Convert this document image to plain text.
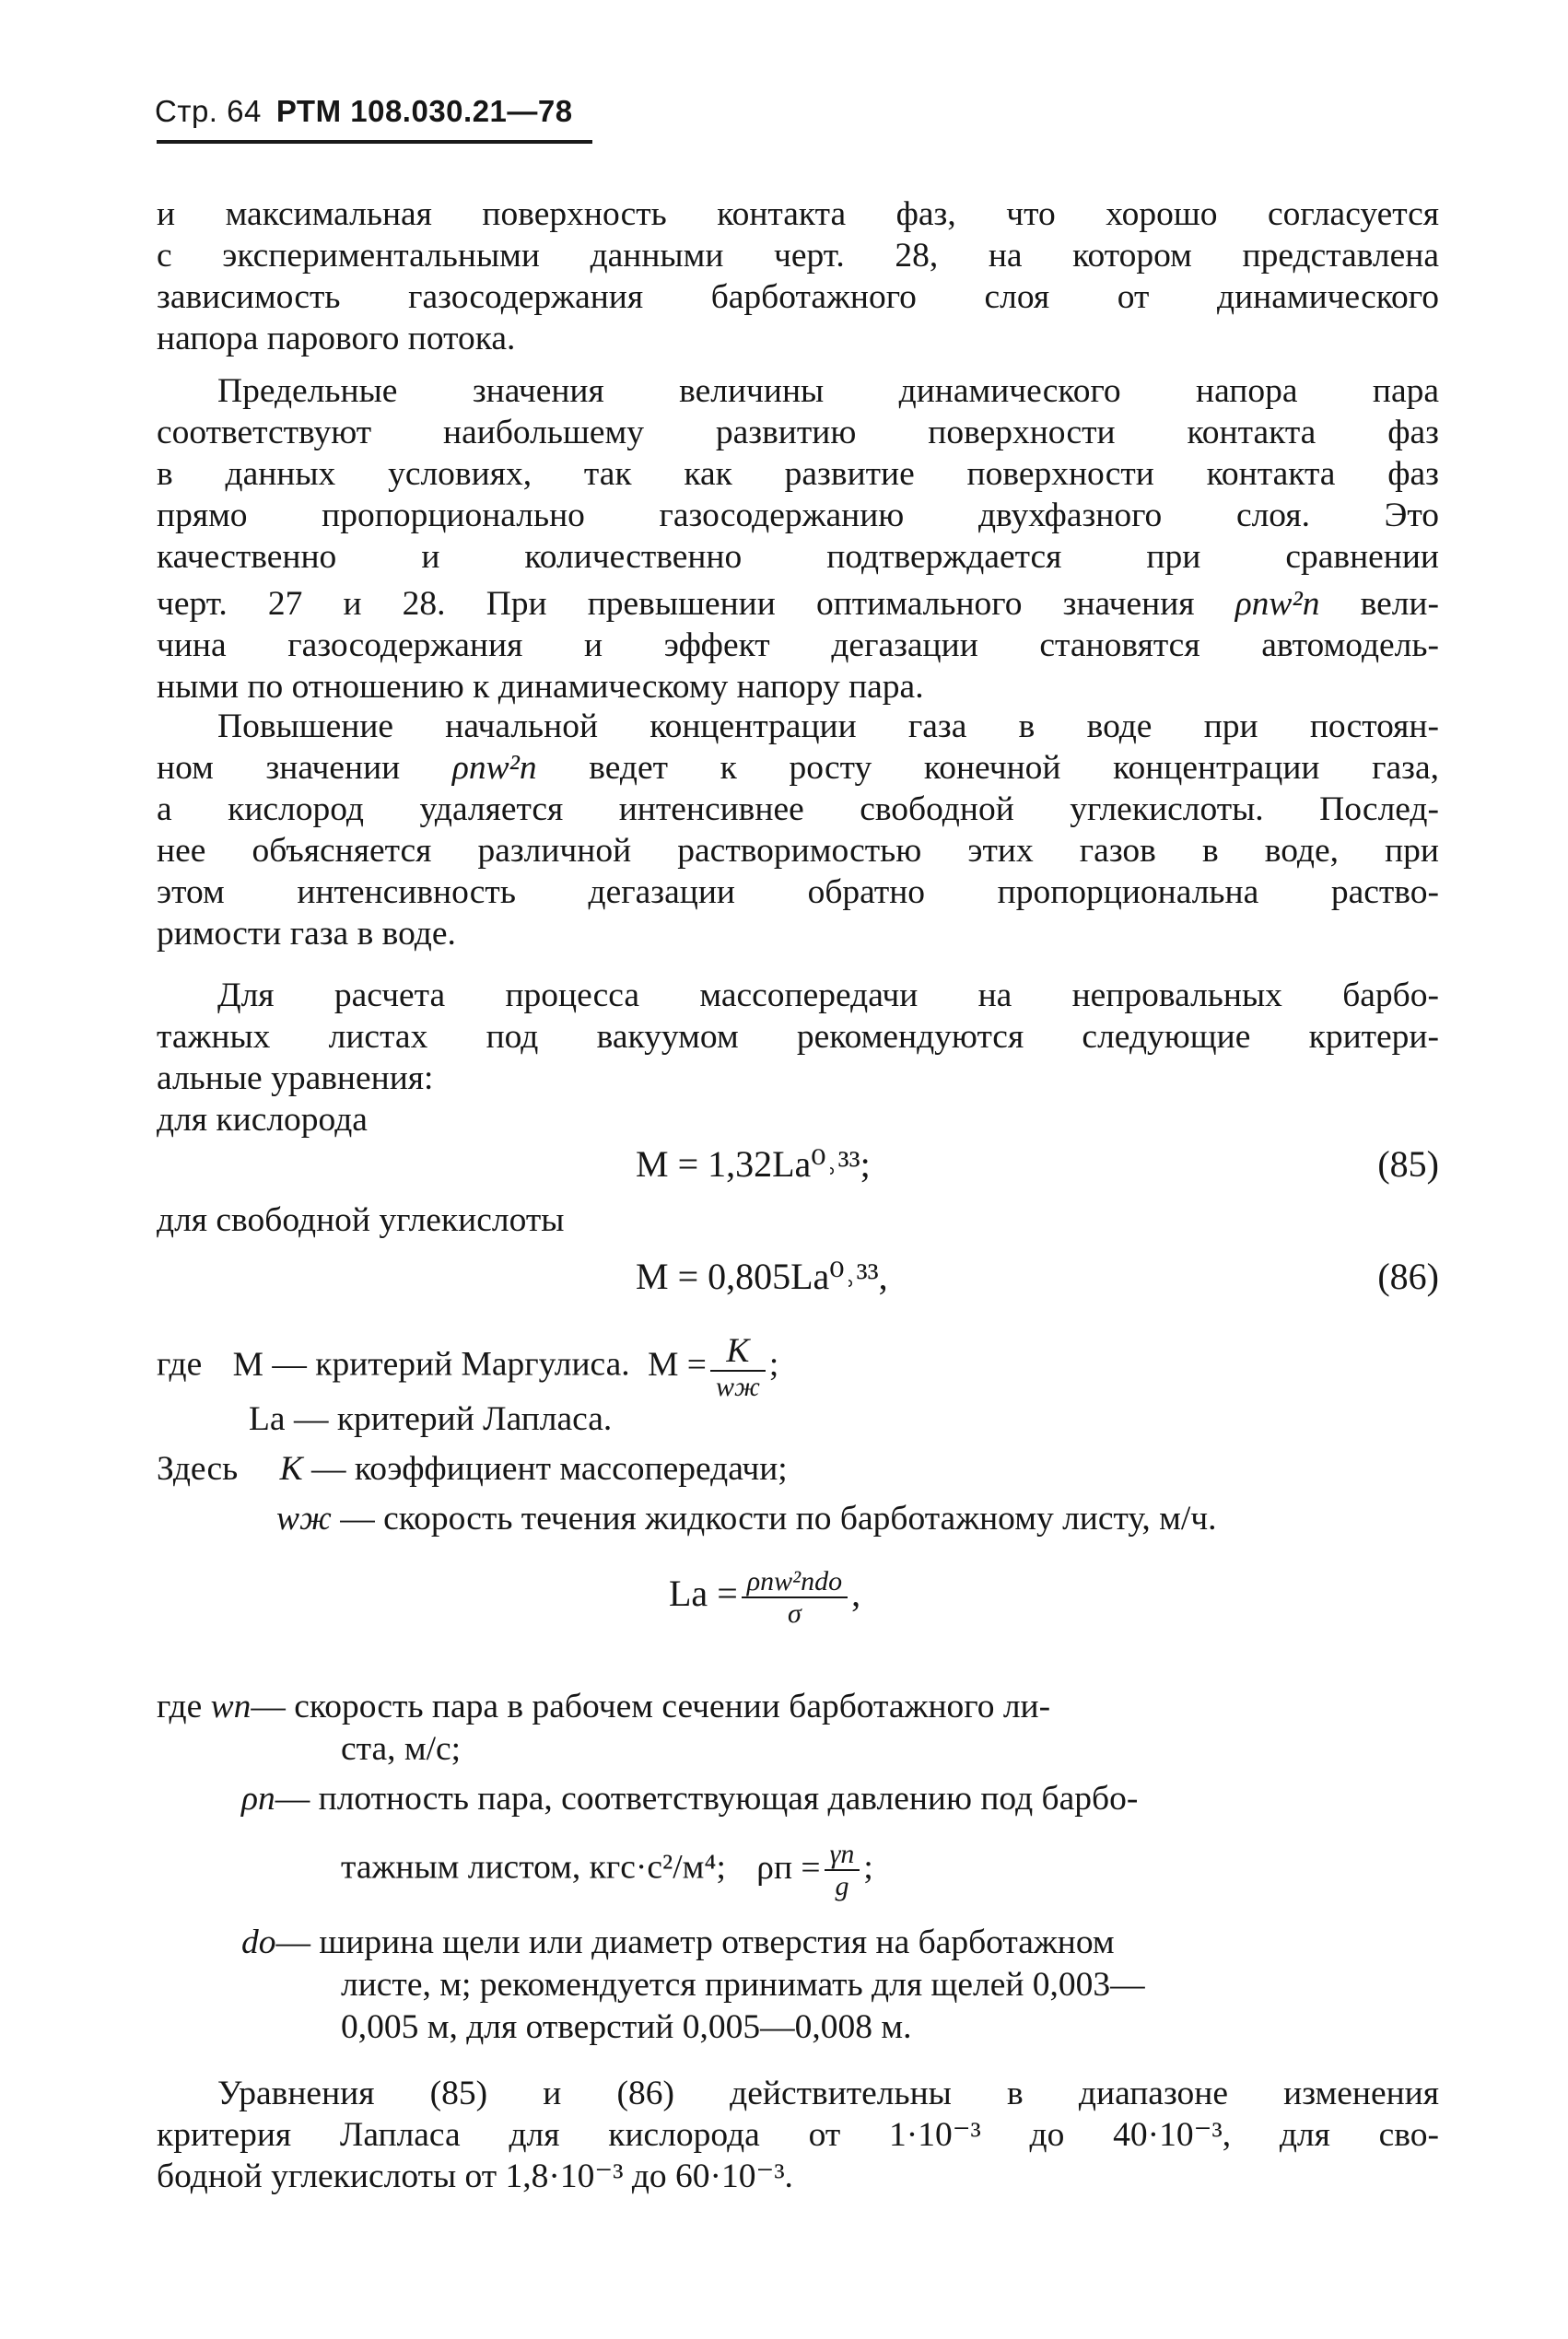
Стр. 64 РТМ 108.030.21—78

и максимальная поверхность контакта фаз, что хорошо согласуется

с экспериментальными данными черт. 28, на котором представлена

зависимость газосодержания барботажного слоя от динамического

напора парового потока.

Предельные значения величины динамического напора пара

соответствуют наибольшему развитию поверхности контакта фаз

в данных условиях, так как развитие поверхности контакта фаз

прямо пропорционально газосодержанию двухфазного слоя. Это

качественно и количественно подтверждается при сравнении

черт. 27 и 28. При превышении оптимального значения ρпw²п вели-

чина газосодержания и эффект дегазации становятся автомодель-

ными по отношению к динамическому напору пара.

Повышение начальной концентрации газа в воде при постоян-

ном значении ρпw²п ведет к росту конечной концентрации газа,

а кислород удаляется интенсивнее свободной углекислоты. Послед-

нее объясняется различной растворимостью этих газов в воде, при

этом интенсивность дегазации обратно пропорциональна раство-

римости газа в воде.

Для расчета процесса массопередачи на непровальных барбо-

тажных листах под вакуумом рекомендуются следующие критери-

альные уравнения:

для кислорода

М = 1,32La⁰˒³³;	(85)
для свободной углекислоты
М = 0,805La⁰˒³³,	(86)
где М — критерий Маргулиса. $М = \frac{K}{wж}$ ;
La — критерий Лапласа.
Здесь K — коэффициент массопередачи;
wж — скорость течения жидкости по барботажному листу, м/ч.
$La = \frac{\text{ρпw²пdо}}{\sigma}$ ,
где wп— скорость пара в рабочем сечении барботажного ли-
ста, м/с;
ρп— плотность пара, соответствующая давлению под барбо-
тажным листом, кгс·с²/м⁴; $\rho п = \frac{\gamma п}{g}$ ;
dо— ширина щели или диаметр отверстия на барботажном
листе, м; рекомендуется принимать для щелей 0,003—
0,005 м, для отверстий 0,005—0,008 м.

Уравнения (85) и (86) действительны в диапазоне изменения

критерия Лапласа для кислорода от 1·10⁻³ до 40·10⁻³, для сво-

бодной углекислоты от 1,8·10⁻³ до 60·10⁻³.
